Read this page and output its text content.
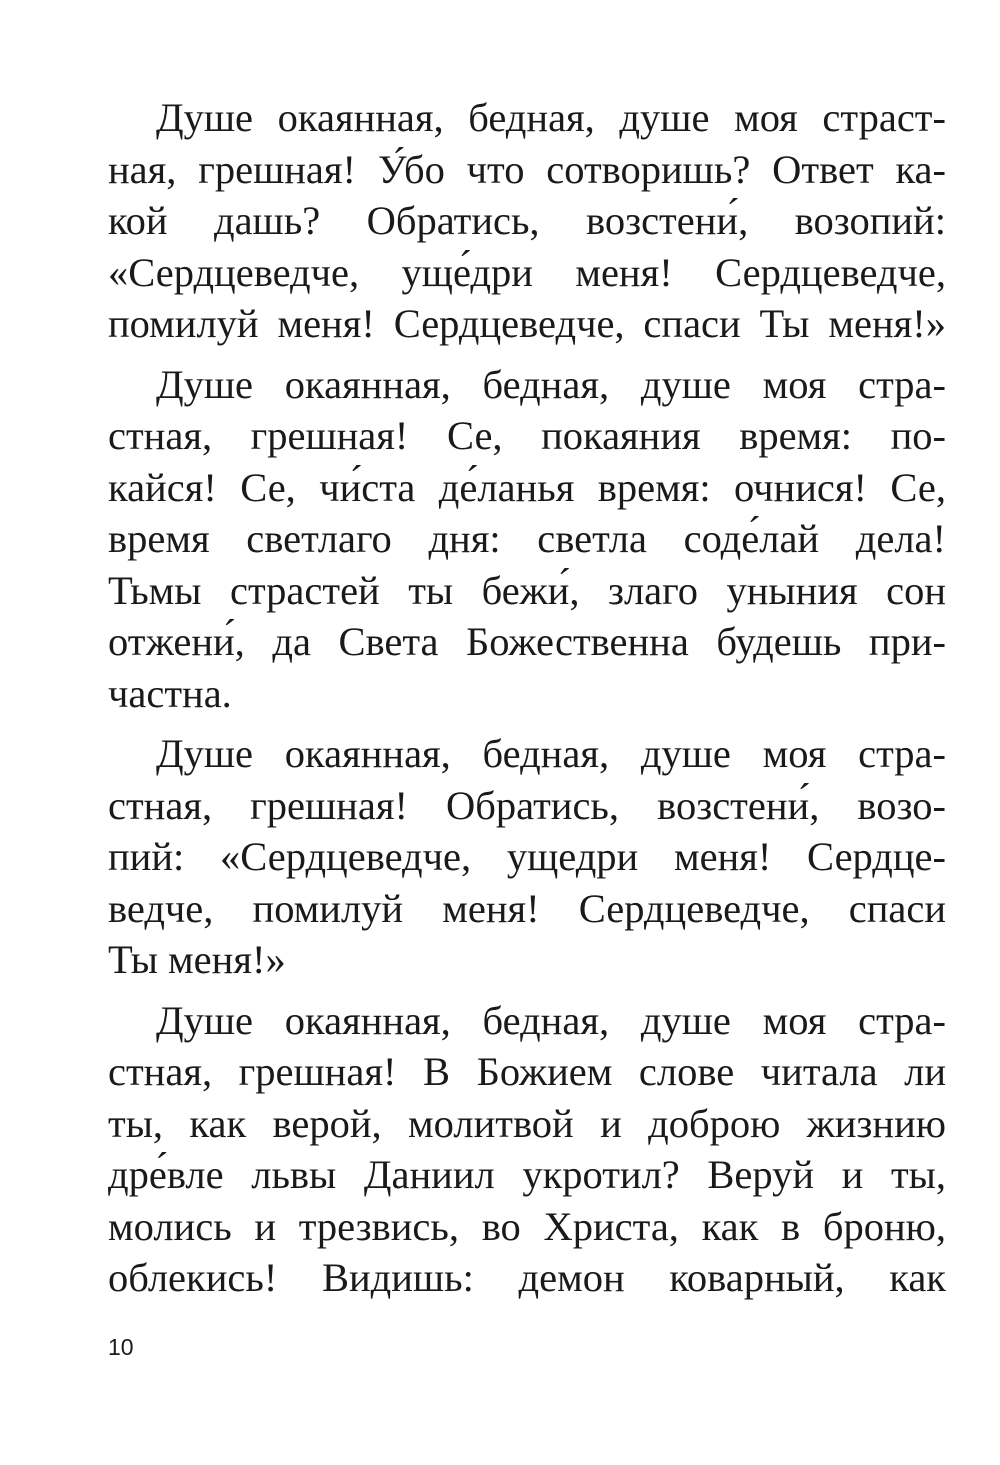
Душе окаянная, бедная, душе моя страст-
ная, грешная! У́бо что сотворишь? Ответ ка-
кой дашь? Обратись, возстени́, возопий:
«Сердцеведче, уще́дри меня! Сердцеведче,
помилуй меня! Сердцеведче, спаси Ты меня!»

Душе окаянная, бедная, душе моя стра-
стная, грешная! Се, покаяния время: по-
кайся! Се, чи́ста де́ланья время: очнися! Се,
время светлаго дня: светла соде́лай дела!
Тьмы страстей ты бежи́, злаго уныния сон
отжени́, да Света Божественна будешь при-
частна.

Душе окаянная, бедная, душе моя стра-
стная, грешная! Обратись, возстени́, возо-
пий: «Сердцеведче, ущедри меня! Сердце-
ведче, помилуй меня! Сердцеведче, спаси
Ты меня!»

Душе окаянная, бедная, душе моя стра-
стная, грешная! В Божием слове читала ли
ты, как верой, молитвой и доброю жизнию
дре́вле львы Даниил укротил? Веруй и ты,
молись и трезвись, во Христа, как в броню,
облекись! Видишь: демон коварный, как

10
